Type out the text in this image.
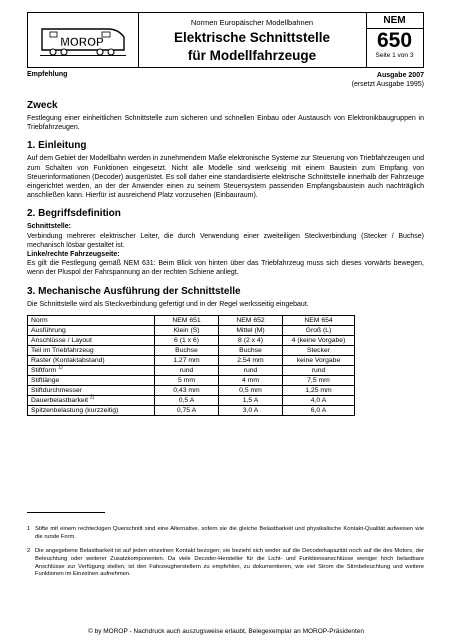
MOROP
Normen Europäischer Modellbahnen
Elektrische Schnittstelle
für Modellfahrzeuge
NEM
650
Seite 1 von 3
Empfehlung	Ausgabe 2007
(ersetzt Ausgabe 1995)
Zweck

Festlegung einer einheitlichen Schnittstelle zum sicheren und schnellen Einbau oder Austausch von Elektronikbaugruppen in Triebfahrzeugen.

1. Einleitung

Auf dem Gebiet der Modellbahn werden in zunehmendem Maße elektronische Systeme zur Steuerung von Triebfahrzeugen und zum Schalten von Funktionen eingesetzt. Nicht alle Modelle sind werkseitig mit einem Baustein zum Empfang von Steuerinformationen (Decoder) ausgerüstet. Es soll daher eine standardisierte elektrische Schnittstelle innerhalb der Fahrzeuge eingerichtet werden, an der der Anwender einen zu seinem Steuersystem passenden Empfangsbaustein auch nachträglich anschließen kann. Hierfür ist ausreichend Platz vorzusehen (Einbauraum).

2. Begriffsdefinition
Schnittstelle:

Verbindung mehrerer elektrischer Leiter, die durch Verwendung einer zweiteiligen Steckverbindung (Stecker / Buchse) mechanisch lösbar gestaltet ist.

Linke/rechte Fahrzeugseite:

Es gilt die Festlegung gemäß NEM 631: Beim Blick von hinten über das Triebfahrzeug muss sich dieses vorwärts bewegen, wenn der Pluspol der Fahrspannung an der rechten Schiene anliegt.

3. Mechanische Ausführung der Schnittstelle

Die Schnittstelle wird als Steckverbindung gefertigt und in der Regel werksseitig eingebaut.

Norm	NEM 651	NEM 652	NEM 654
Ausführung	Klein (S)	Mittel (M)	Groß (L)
Anschlüsse / Layout	6 (1 x 6)	8 (2 x 4)	4 (keine Vorgabe)
Teil im Triebfahrzeug	Buchse	Buchse	Stecker
Raster (Kontaktabstand)	1,27 mm	2,54 mm	keine Vorgabe
Stiftform $^{1)}$	rund	rund	rund
Stiftlänge	5 mm	4 mm	7,5 mm
Stiftdurchmesser	0,43 mm	0,5 mm	1,25 mm
Dauerbelastbarkeit $^{2)}$	0,5 A	1,5 A	4,0 A
Spitzenbelastung (kurzzeitig)	0,75 A	3,0 A	6,0 A
1 Stifte mit einem rechteckigen Querschnitt sind eine Alternative, sofern sie die gleiche Belastbarkeit und physikalische Kontakt-Qualität aufweisen wie die runde Form.
2 Die angegebene Belastbarkeit ist auf jeden einzelnen Kontakt bezogen; sie bezieht sich weder auf die Decoderkapazität noch auf die des Motors, der Beleuchtung oder weiterer Zusatzkomponenten. Da viele Decoder-Hersteller für die Licht- und Funktionsanschlüsse weniger hoch belastbare Anschlüsse zur Verfügung stellen, ist den Fahrzeugherstellern zu empfehlen, zu dokumentieren, wie viel Strom die Stirnbeleuchtung und weitere Funktionen im Einzelnen aufnehmen.
© by MOROP - Nachdruck auch auszugsweise erlaubt, Belegexemplar an MOROP-Präsidenten
